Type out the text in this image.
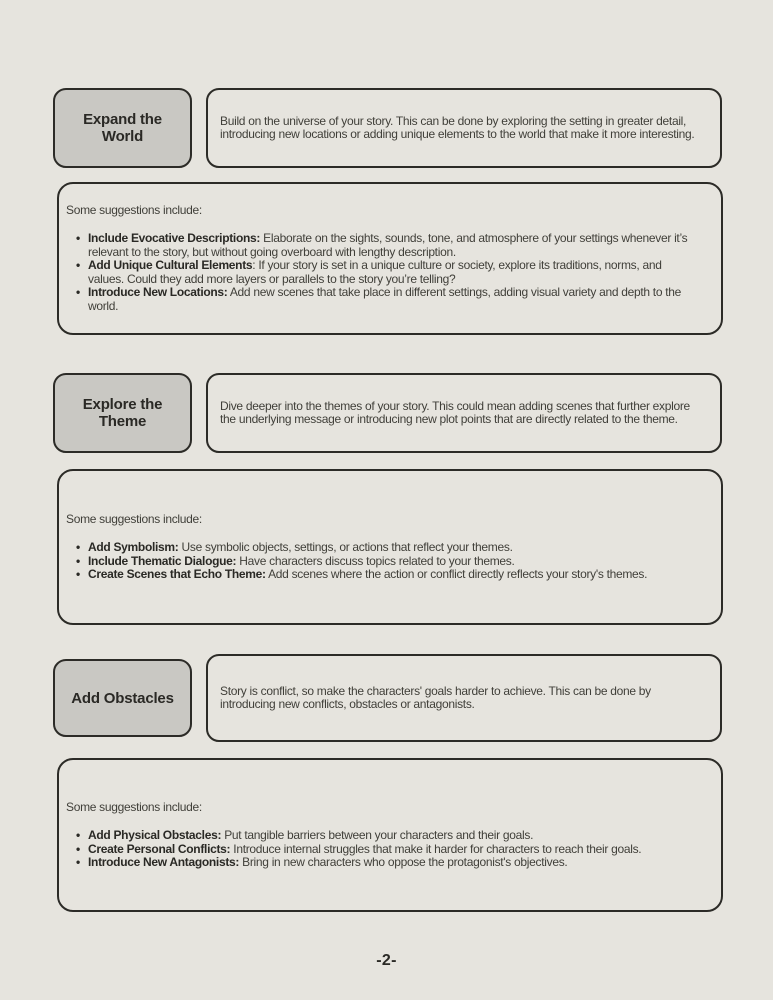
Expand the World
Build on the universe of your story. This can be done by exploring the setting in greater detail, introducing new locations or adding unique elements to the world that make it more interesting.

Some suggestions include:

• Include Evocative Descriptions: Elaborate on the sights, sounds, tone, and atmosphere of your settings whenever it’s relevant to the story, but without going overboard with lengthy description.
• Add Unique Cultural Elements: If your story is set in a unique culture or society, explore its traditions, norms, and values. Could they add more layers or parallels to the story you’re telling?
• Introduce New Locations: Add new scenes that take place in different settings, adding visual variety and depth to the world.
Explore the Theme
Dive deeper into the themes of your story. This could mean adding scenes that further explore the underlying message or introducing new plot points that are directly related to the theme.

Some suggestions include:

• Add Symbolism: Use symbolic objects, settings, or actions that reflect your themes.
• Include Thematic Dialogue: Have characters discuss topics related to your themes.
• Create Scenes that Echo Theme: Add scenes where the action or conflict directly reflects your story's themes.
Add Obstacles	Story is conflict, so make the characters' goals harder to achieve. This can be done by introducing new conflicts, obstacles or antagonists.

Some suggestions include:

• Add Physical Obstacles: Put tangible barriers between your characters and their goals.
• Create Personal Conflicts: Introduce internal struggles that make it harder for characters to reach their goals.
• Introduce New Antagonists: Bring in new characters who oppose the protagonist's objectives.
-2-
